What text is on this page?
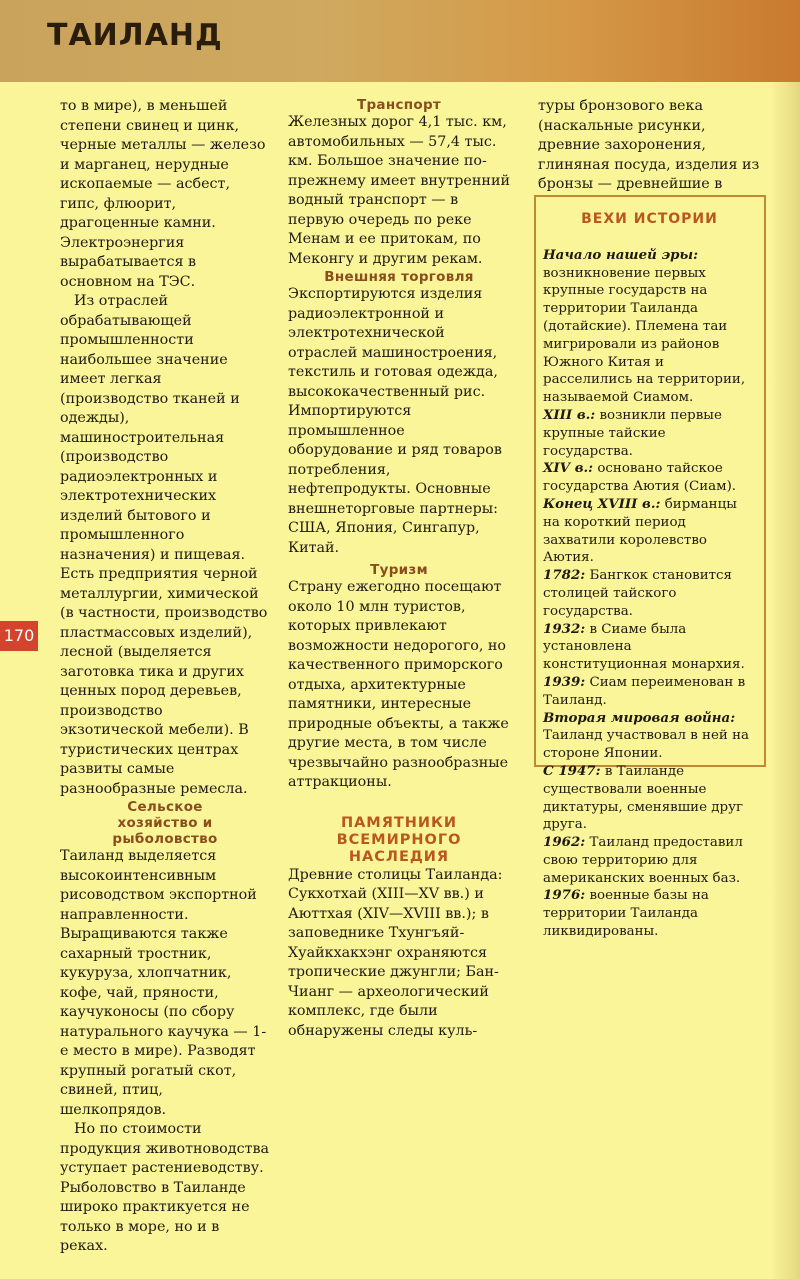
ТАИЛАНД
170

то в мире), в меньшей степени свинец и цинк, черные металлы — железо и марганец, нерудные ископаемые — асбест, гипс, флюорит, драгоценные камни. Электроэнергия вырабатывается в основном на ТЭС.

Из отраслей обрабатывающей промышленности наибольшее значение имеет легкая (производство тканей и одежды), машиностроительная (производство радиоэлектронных и электротехнических изделий бытового и промышленного назначения) и пищевая. Есть предприятия черной металлургии, химической (в частности, производство пластмассовых изделий), лесной (выделяется заготовка тика и других ценных пород деревьев, производство экзотической мебели). В туристических центрах развиты самые разнообразные ремесла.

Сельское хозяйство и рыболовство

Таиланд выделяется высокоинтенсивным рисоводством экспортной направленности. Выращиваются также сахарный тростник, кукуруза, хлопчатник, кофе, чай, пряности, каучуконосы (по сбору натурального каучука — 1-е место в мире). Разводят крупный рогатый скот, свиней, птиц, шелкопрядов.

Но по стоимости продукция животноводства уступает растениеводству. Рыболовство в Таиланде широко практикуется не только в море, но и в реках.

Транспорт

Железных дорог 4,1 тыс. км, автомобильных — 57,4 тыс. км. Большое значение по-прежнему имеет внутренний водный транспорт — в первую очередь по реке Менам и ее притокам, по Меконгу и другим рекам.

Внешняя торговля

Экспортируются изделия радиоэлектронной и электротехнической отраслей машиностроения, текстиль и готовая одежда, высококачественный рис. Импортируются промышленное оборудование и ряд товаров потребления, нефтепродукты. Основные внешнеторговые партнеры: США, Япония, Сингапур, Китай.

Туризм

Страну ежегодно посещают около 10 млн туристов, которых привлекают возможности недорогого, но качественного приморского отдыха, архитектурные памятники, интересные природные объекты, а также другие места, в том числе чрезвычайно разнообразные аттракционы.

ПАМЯТНИКИ ВСЕМИРНОГО НАСЛЕДИЯ

Древние столицы Таиланда: Сукхотхай (XIII—XV вв.) и Аюттхая (XIV—XVIII вв.); в заповеднике Тхунгъяй-Хуайкхакхэнг охраняются тропические джунгли; Бан-Чианг — археологический комплекс, где были обнаружены следы куль-

туры бронзового века (наскальные рисунки, древние захоронения, глиняная посуда, изделия из бронзы — древнейшие в

ВЕХИ ИСТОРИИ

Начало нашей эры: возникновение первых крупные государств на территории Таиланда (дотайские). Племена таи мигрировали из районов Южного Китая и расселились на территории, называемой Сиамом.

XIII в.: возникли первые крупные тайские государства.

XIV в.: основано тайское государства Аютия (Сиам).

Конец XVIII в.: бирманцы на короткий период захватили королевство Аютия.

1782: Бангкок становится столицей тайского государства.

1932: в Сиаме была установлена конституционная монархия.

1939: Сиам переименован в Таиланд.

Вторая мировая война: Таиланд участвовал в ней на стороне Японии.

С 1947: в Таиланде существовали военные диктатуры, сменявшие друг друга.

1962: Таиланд предоставил свою территорию для американских военных баз.

1976: военные базы на территории Таиланда ликвидированы.
